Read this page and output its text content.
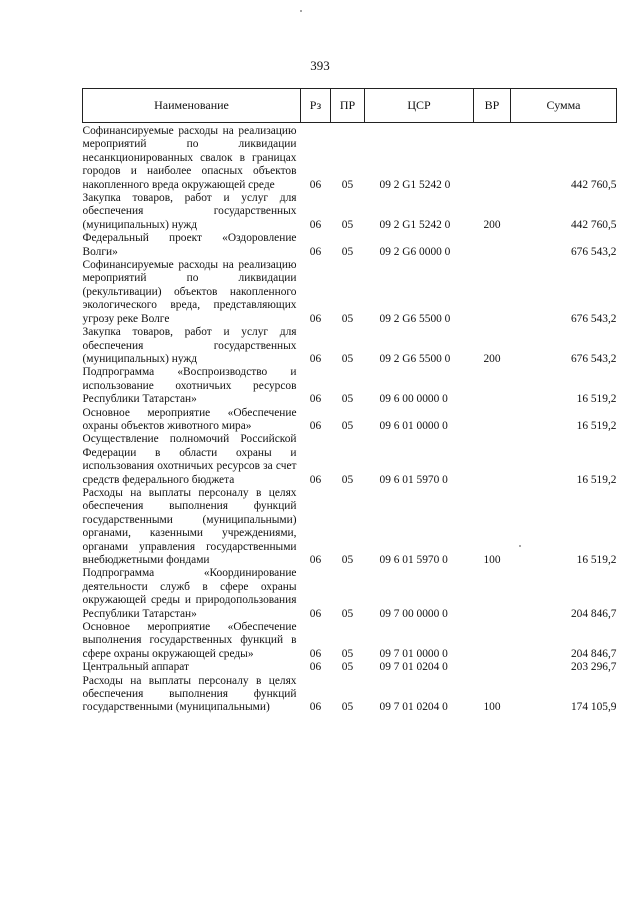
393
Наименование	Рз	ПР	ЦСР	ВР	Сумма
Софинансируемые расходы на реализацию мероприятий по ликвидации несанкционированных свалок в границах городов и наиболее опасных объектов накопленного вреда окружающей среде	06	05	09 2 G1 5242 0		442 760,5
Закупка товаров, работ и услуг для обеспечения государственных (муниципальных) нужд	06	05	09 2 G1 5242 0	200	442 760,5
Федеральный проект «Оздоровление Волги»	06	05	09 2 G6 0000 0		676 543,2
Софинансируемые расходы на реализацию мероприятий по ликвидации (рекультивации) объектов накопленного экологического вреда, представляющих угрозу реке Волге	06	05	09 2 G6 5500 0		676 543,2
Закупка товаров, работ и услуг для обеспечения государственных (муниципальных) нужд	06	05	09 2 G6 5500 0	200	676 543,2
Подпрограмма «Воспроизводство и использование охотничьих ресурсов Республики Татарстан»	06	05	09 6 00 0000 0		16 519,2
Основное мероприятие «Обеспечение охраны объектов животного мира»	06	05	09 6 01 0000 0		16 519,2
Осуществление полномочий Российской Федерации в области охраны и использования охотничьих ресурсов за счет средств федерального бюджета	06	05	09 6 01 5970 0		16 519,2
Расходы на выплаты персоналу в целях обеспечения выполнения функций государственными (муниципальными) органами, казенными учреждениями, органами управления государственными внебюджетными фондами	06	05	09 6 01 5970 0	100	16 519,2
Подпрограмма «Координирование деятельности служб в сфере охраны окружающей среды и природопользования Республики Татарстан»	06	05	09 7 00 0000 0		204 846,7
Основное мероприятие «Обеспечение выполнения государственных функций в сфере охраны окружающей среды»	06	05	09 7 01 0000 0		204 846,7
Центральный аппарат	06	05	09 7 01 0204 0		203 296,7
Расходы на выплаты персоналу в целях обеспечения выполнения функций государственными (муниципальными)	06	05	09 7 01 0204 0	100	174 105,9
